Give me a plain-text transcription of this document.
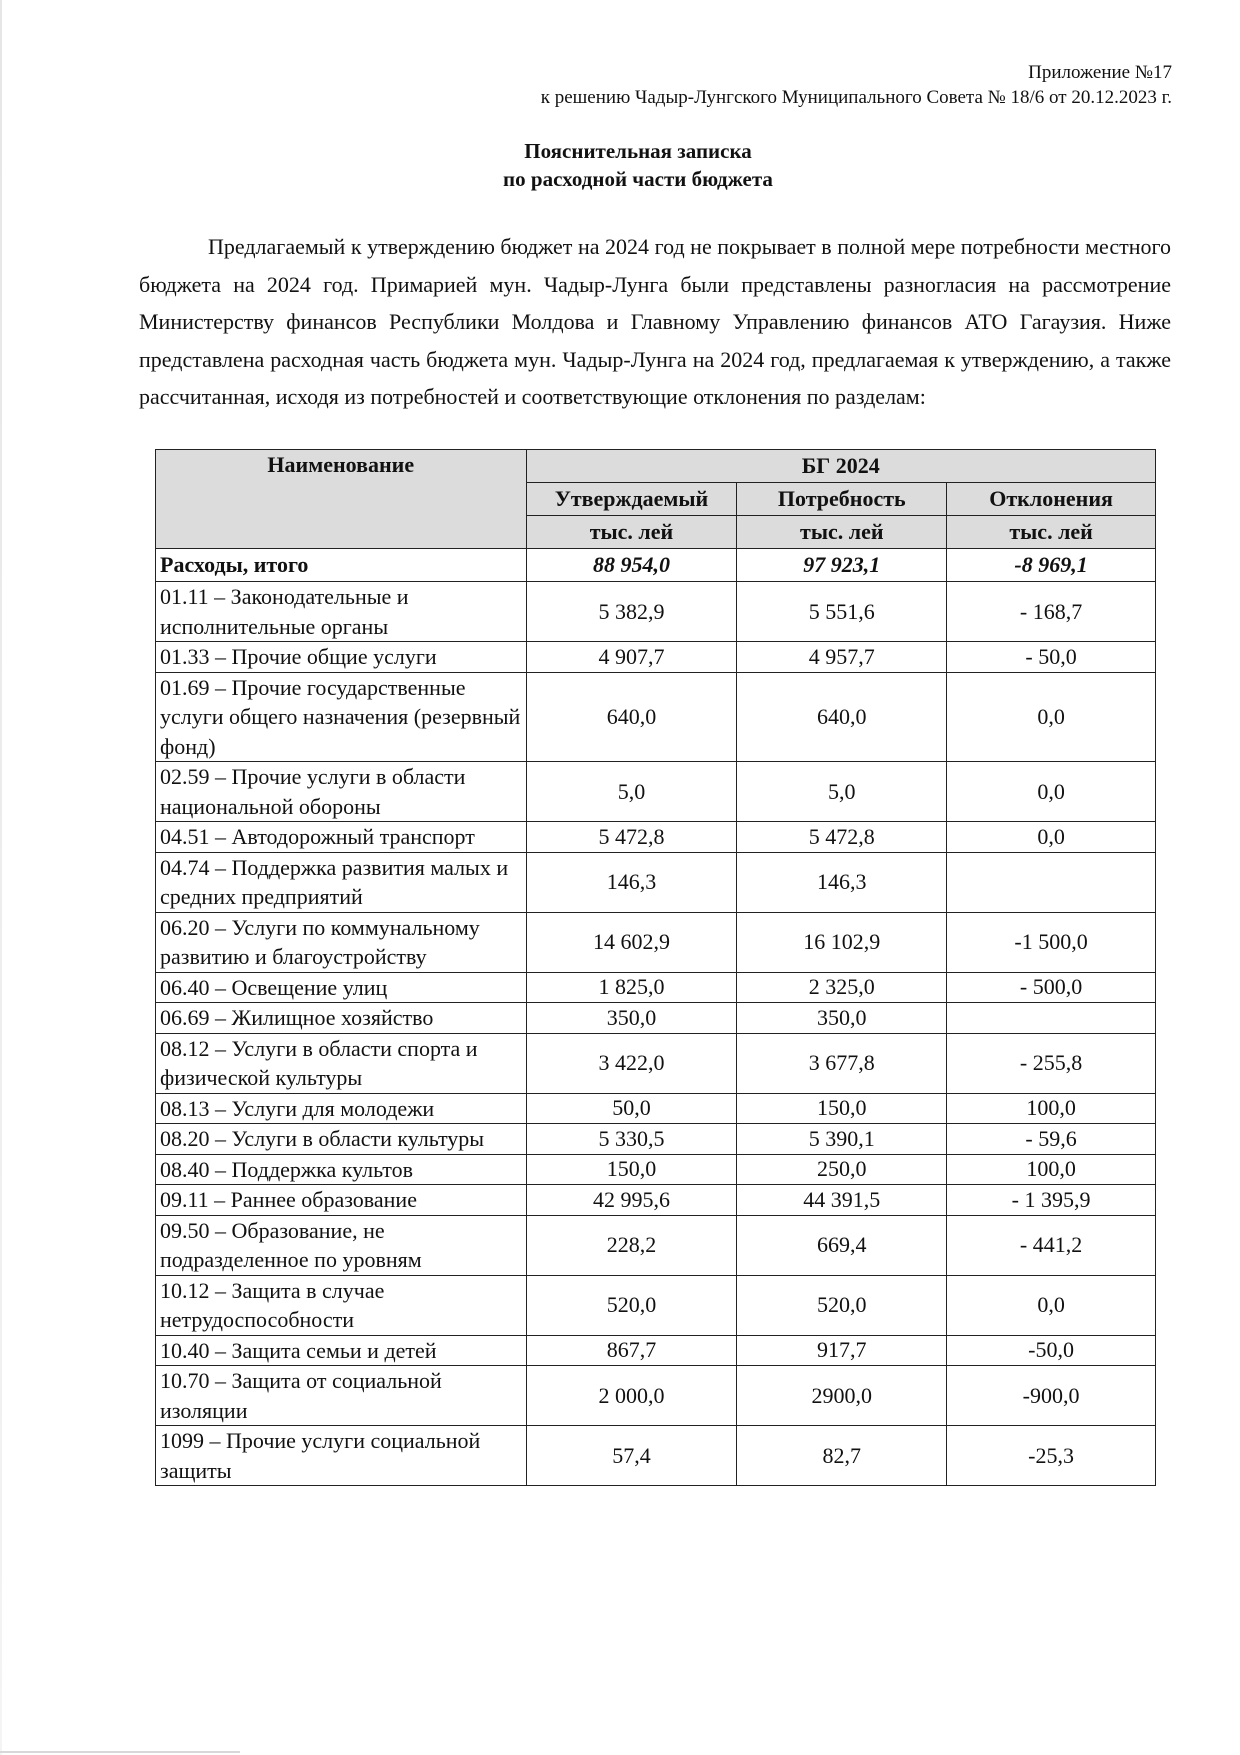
Приложение №17
к решению Чадыр-Лунгского Муниципального Совета № 18/6 от 20.12.2023 г.
Пояснительная записка
по расходной части бюджета

Предлагаемый к утверждению бюджет на 2024 год не покрывает в полной мере потребности местного бюджета на 2024 год. Примарией мун. Чадыр-Лунга были представлены разногласия на рассмотрение Министерству финансов Республики Молдова и Главному Управлению финансов АТО Гагаузия. Ниже представлена расходная часть бюджета мун. Чадыр-Лунга на 2024 год, предлагаемая к утверждению, а также рассчитанная, исходя из потребностей и соответствующие отклонения по разделам:

Наименование	БГ 2024		
	Утверждаемый	Потребность	Отклонения
	тыс. лей	тыс. лей	тыс. лей
Расходы, итого	88 954,0	97 923,1	-8 969,1
01.11 – Законодательные и исполнительные органы	5 382,9	5 551,6	- 168,7
01.33 – Прочие общие услуги	4 907,7	4 957,7	- 50,0
01.69 – Прочие государственные услуги общего назначения (резервный фонд)	640,0	640,0	0,0
02.59 – Прочие услуги в области национальной обороны	5,0	5,0	0,0
04.51 – Автодорожный транспорт	5 472,8	5 472,8	0,0
04.74 – Поддержка развития малых и средних предприятий	146,3	146,3	
06.20 – Услуги по коммунальному развитию и благоустройству	14 602,9	16 102,9	-1 500,0
06.40 – Освещение улиц	1 825,0	2 325,0	- 500,0
06.69 – Жилищное хозяйство	350,0	350,0	
08.12 – Услуги в области спорта и физической культуры	3 422,0	3 677,8	- 255,8
08.13 – Услуги для молодежи	50,0	150,0	100,0
08.20 – Услуги в области культуры	5 330,5	5 390,1	- 59,6
08.40 – Поддержка культов	150,0	250,0	100,0
09.11 – Раннее образование	42 995,6	44 391,5	- 1 395,9
09.50 – Образование, не подразделенное по уровням	228,2	669,4	- 441,2
10.12 – Защита в случае нетрудоспособности	520,0	520,0	0,0
10.40 – Защита семьи и детей	867,7	917,7	-50,0
10.70 – Защита от социальной изоляции	2 000,0	2900,0	-900,0
1099 – Прочие услуги социальной защиты	57,4	82,7	-25,3
